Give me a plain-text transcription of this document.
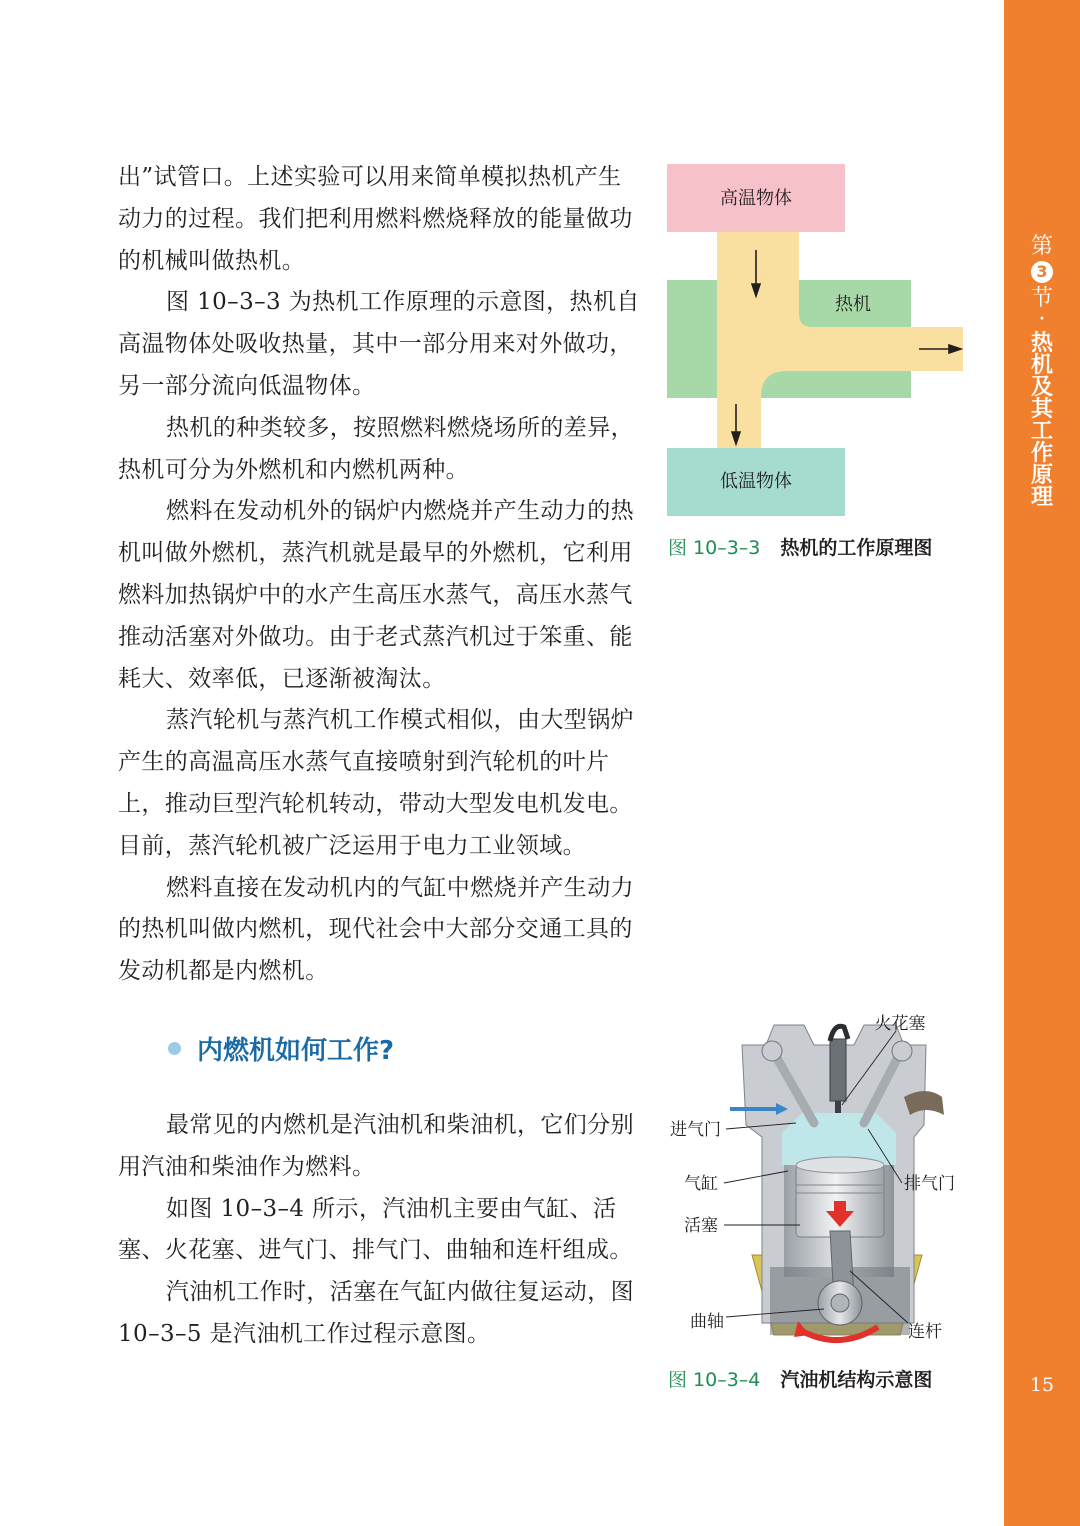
第
3
节
·
热
机
及
其
工
作
原
理
15

出”试管口。上述实验可以用来简单模拟热机产生动力的过程。我们把利用燃料燃烧释放的能量做功的机械叫做热机。

图 10–3–3 为热机工作原理的示意图，热机自高温物体处吸收热量，其中一部分用来对外做功，另一部分流向低温物体。

热机的种类较多，按照燃料燃烧场所的差异，热机可分为外燃机和内燃机两种。

燃料在发动机外的锅炉内燃烧并产生动力的热机叫做外燃机，蒸汽机就是最早的外燃机，它利用燃料加热锅炉中的水产生高压水蒸气，高压水蒸气推动活塞对外做功。由于老式蒸汽机过于笨重、能耗大、效率低，已逐渐被淘汰。

蒸汽轮机与蒸汽机工作模式相似，由大型锅炉产生的高温高压水蒸气直接喷射到汽轮机的叶片上，推动巨型汽轮机转动，带动大型发电机发电。目前，蒸汽轮机被广泛运用于电力工业领域。

燃料直接在发动机内的气缸中燃烧并产生动力的热机叫做内燃机，现代社会中大部分交通工具的发动机都是内燃机。

内燃机如何工作?

最常见的内燃机是汽油机和柴油机，它们分别用汽油和柴油作为燃料。

如图 10–3–4 所示，汽油机主要由气缸、活塞、火花塞、进气门、排气门、曲轴和连杆组成。

汽油机工作时，活塞在气缸内做往复运动，图 10–3–5 是汽油机工作过程示意图。

高温物体
热机
低温物体
图 10–3–3 热机的工作原理图
火花塞
进气门
气缸	排气门
活塞
曲轴	连杆
图 10–3–4 汽油机结构示意图
